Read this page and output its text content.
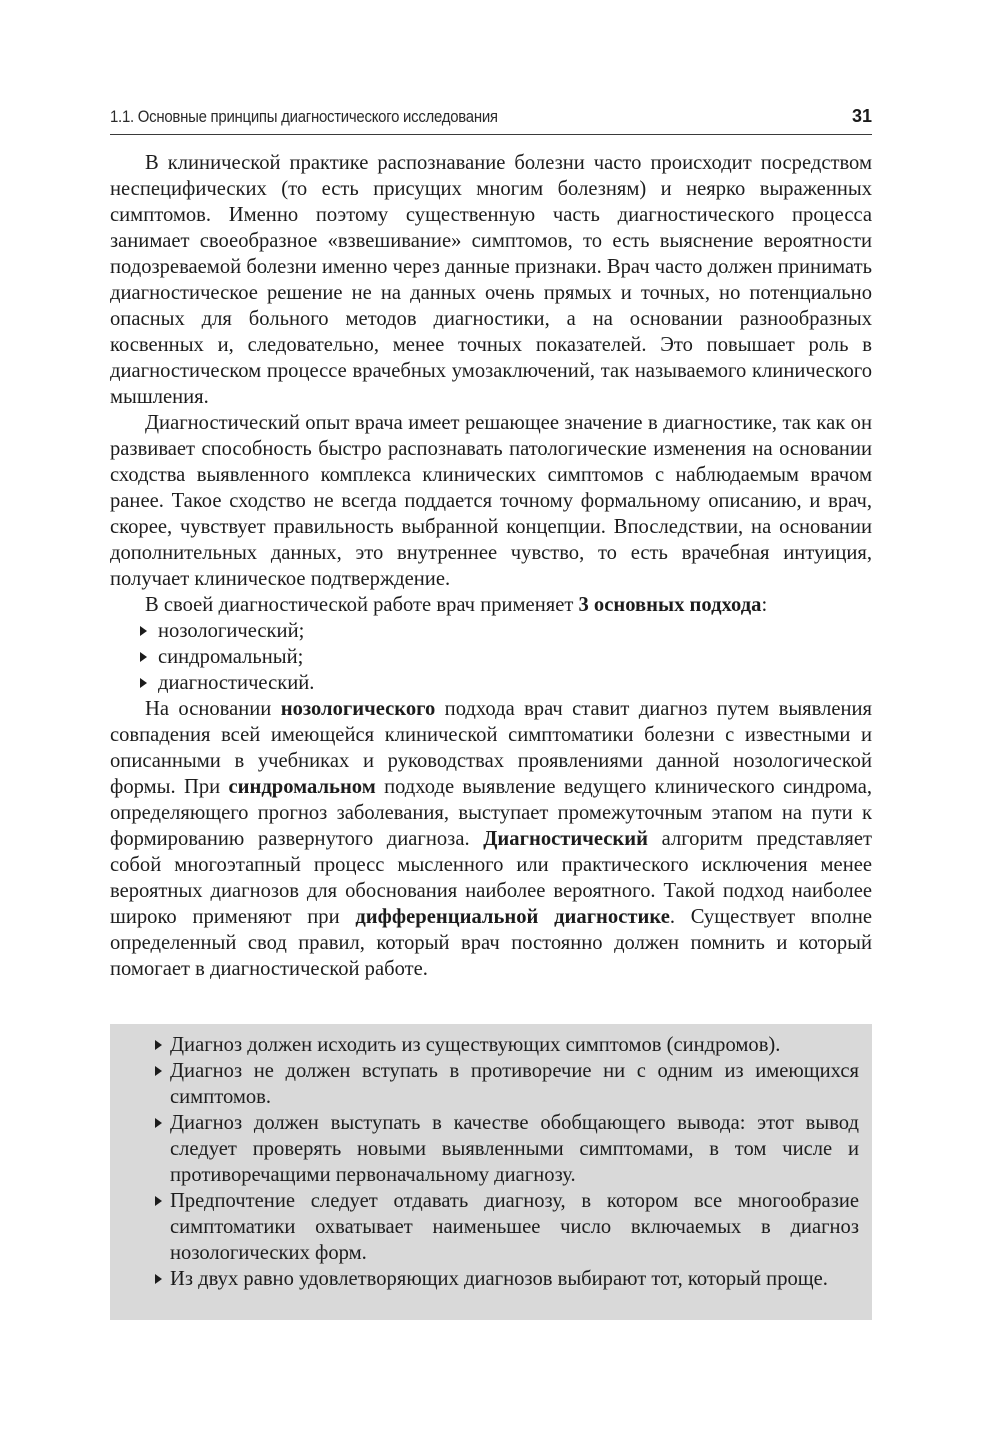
1.1. Основные принципы диагностического исследования	31

В клинической практике распознавание болезни часто происходит посредством неспецифических (то есть присущих многим болезням) и неярко выраженных симптомов. Именно поэтому существенную часть диагностического процесса занимает своеобразное «взвешивание» симптомов, то есть выяснение вероятности подозреваемой болезни именно через данные признаки. Врач часто должен принимать диагностическое решение не на данных очень прямых и точных, но потенциально опасных для больного методов диагностики, а на основании разнообразных косвенных и, следовательно, менее точных показателей. Это повышает роль в диагностическом процессе врачебных умозаключений, так называемого клинического мышления.

Диагностический опыт врача имеет решающее значение в диагностике, так как он развивает способность быстро распознавать патологические изменения на основании сходства выявленного комплекса клинических симптомов с наблюдаемым врачом ранее. Такое сходство не всегда поддается точному формальному описанию, и врач, скорее, чувствует правильность выбранной концепции. Впоследствии, на основании дополнительных данных, это внутреннее чувство, то есть врачебная интуиция, получает клиническое подтверждение.

В своей диагностической работе врач применяет 3 основных подхода:

нозологический;
синдромальный;
диагностический.

На основании нозологического подхода врач ставит диагноз путем выявления совпадения всей имеющейся клинической симптоматики болезни с известными и описанными в учебниках и руководствах проявлениями данной нозологической формы. При синдромальном подходе выявление ведущего клинического синдрома, определяющего прогноз заболевания, выступает промежуточным этапом на пути к формированию развернутого диагноза. Диагностический алгоритм представляет собой многоэтапный процесс мысленного или практического исключения менее вероятных диагнозов для обоснования наиболее вероятного. Такой подход наиболее широко применяют при дифференциальной диагностике. Существует вполне определенный свод правил, который врач постоянно должен помнить и который помогает в диагностической работе.

Диагноз должен исходить из существующих симптомов (синдромов).
Диагноз не должен вступать в противоречие ни с одним из имеющихся симптомов.
Диагноз должен выступать в качестве обобщающего вывода: этот вывод следует проверять новыми выявленными симптомами, в том числе и противоречащими первоначальному диагнозу.
Предпочтение следует отдавать диагнозу, в котором все многообразие симптоматики охватывает наименьшее число включаемых в диагноз нозологических форм.
Из двух равно удовлетворяющих диагнозов выбирают тот, который проще.
